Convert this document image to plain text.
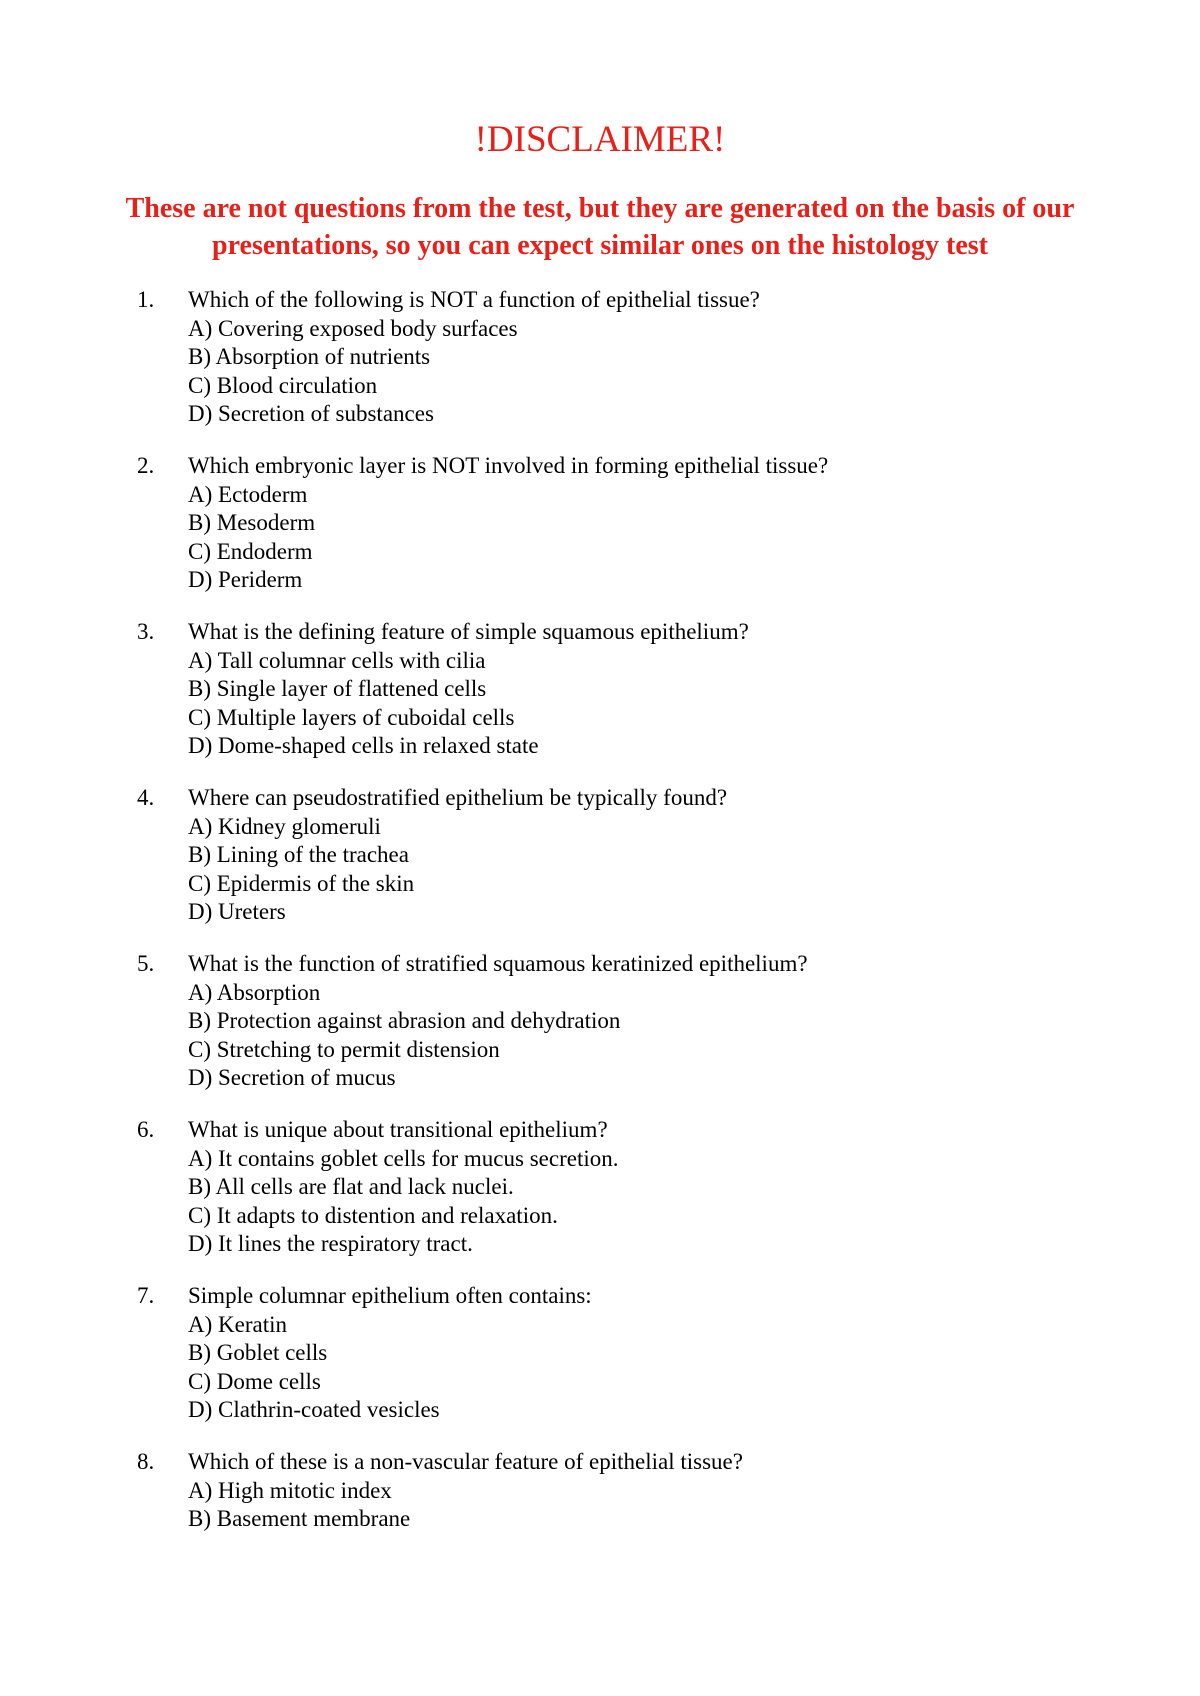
!DISCLAIMER!

These are not questions from the test, but they are generated on the basis of our presentations, so you can expect similar ones on the histology test

1. Which of the following is NOT a function of epithelial tissue?
A) Covering exposed body surfaces
B) Absorption of nutrients
C) Blood circulation
D) Secretion of substances
2. Which embryonic layer is NOT involved in forming epithelial tissue?
A) Ectoderm
B) Mesoderm
C) Endoderm
D) Periderm
3. What is the defining feature of simple squamous epithelium?
A) Tall columnar cells with cilia
B) Single layer of flattened cells
C) Multiple layers of cuboidal cells
D) Dome-shaped cells in relaxed state
4. Where can pseudostratified epithelium be typically found?
A) Kidney glomeruli
B) Lining of the trachea
C) Epidermis of the skin
D) Ureters
5. What is the function of stratified squamous keratinized epithelium?
A) Absorption
B) Protection against abrasion and dehydration
C) Stretching to permit distension
D) Secretion of mucus
6. What is unique about transitional epithelium?
A) It contains goblet cells for mucus secretion.
B) All cells are flat and lack nuclei.
C) It adapts to distention and relaxation.
D) It lines the respiratory tract.
7. Simple columnar epithelium often contains:
A) Keratin
B) Goblet cells
C) Dome cells
D) Clathrin-coated vesicles
8. Which of these is a non-vascular feature of epithelial tissue?
A) High mitotic index
B) Basement membrane
